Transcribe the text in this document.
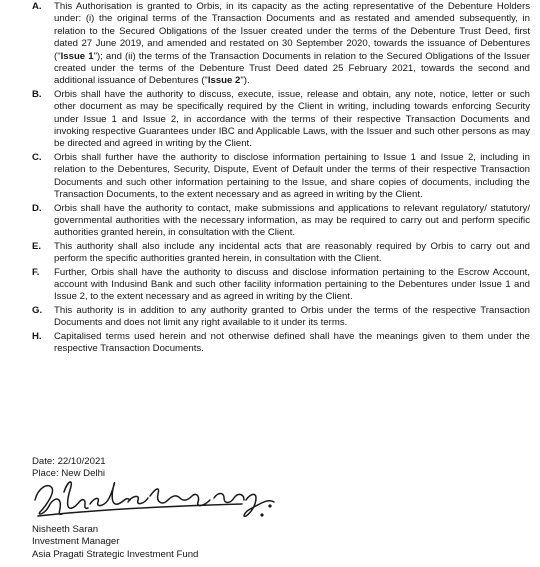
A.	This Authorisation is granted to Orbis, in its capacity as the acting representative of the Debenture Holders under: (i) the original terms of the Transaction Documents and as restated and amended subsequently, in relation to the Secured Obligations of the Issuer created under the terms of the Debenture Trust Deed, first dated 27 June 2019, and amended and restated on 30 September 2020, towards the issuance of Debentures ("Issue 1"); and (ii) the terms of the Transaction Documents in relation to the Secured Obligations of the Issuer created under the terms of the Debenture Trust Deed dated 25 February 2021, towards the second and additional issuance of Debentures ("Issue 2").
B.	Orbis shall have the authority to discuss, execute, issue, release and obtain, any note, notice, letter or such other document as may be specifically required by the Client in writing, including towards enforcing Security under Issue 1 and Issue 2, in accordance with the terms of their respective Transaction Documents and invoking respective Guarantees under IBC and Applicable Laws, with the Issuer and such other persons as may be directed and agreed in writing by the Client.
C.	Orbis shall further have the authority to disclose information pertaining to Issue 1 and Issue 2, including in relation to the Debentures, Security, Dispute, Event of Default under the terms of their respective Transaction Documents and such other information pertaining to the Issue, and share copies of documents, including the Transaction Documents, to the extent necessary and as agreed in writing by the Client.
D.	Orbis shall have the authority to contact, make submissions and applications to relevant regulatory/ statutory/ governmental authorities with the necessary information, as may be required to carry out and perform specific authorities granted herein, in consultation with the Client.
E.	This authority shall also include any incidental acts that are reasonably required by Orbis to carry out and perform the specific authorities granted herein, in consultation with the Client.
F.	Further, Orbis shall have the authority to discuss and disclose information pertaining to the Escrow Account, account with Indusind Bank and such other facility information pertaining to the Debentures under Issue 1 and Issue 2, to the extent necessary and as agreed in writing by the Client.
G.	This authority is in addition to any authority granted to Orbis under the terms of the respective Transaction Documents and does not limit any right available to it under its terms.
H.	Capitalised terms used herein and not otherwise defined shall have the meanings given to them under the respective Transaction Documents.
Date: 22/10/2021
Place: New Delhi
Nisheeth Saran
Investment Manager
Asia Pragati Strategic Investment Fund
